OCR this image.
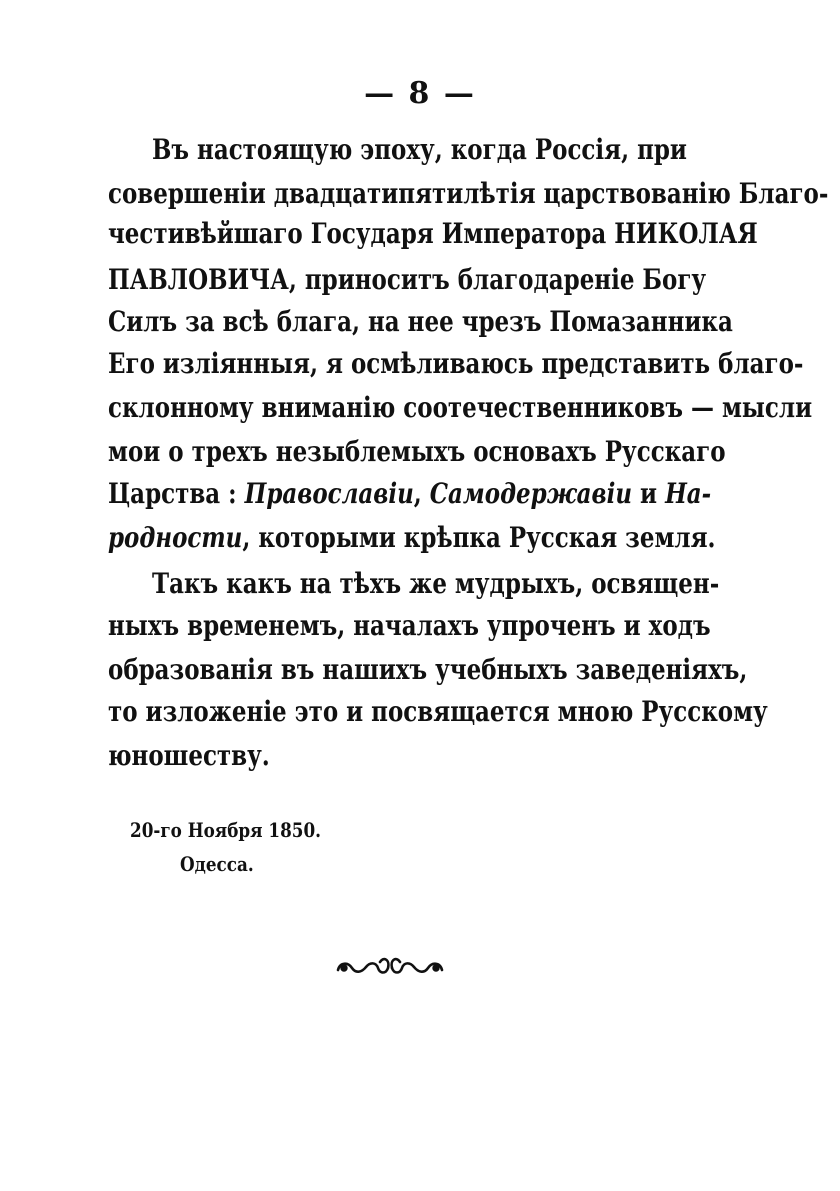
— 8 —
Въ настоящую эпоху, когда Россія, при
совершеніи двадцатипятилѣтія царствованію Благо-
честивѣйшаго Государя Императора НИКОЛАЯ
ПАВЛОВИЧА, приноситъ благодареніе Богу
Силъ за всѣ блага, на нее чрезъ Помазанника
Его изліянныя, я осмѣливаюсь представить благо-
склонному вниманію соотечественниковъ — мысли
мои о трехъ незыблемыхъ основахъ Русскаго
Царства : Православіи, Самодержавіи и На-
родности, которыми крѣпка Русская земля.
Такъ какъ на тѣхъ же мудрыхъ, освящен-
ныхъ временемъ, началахъ упроченъ и ходъ
образованія въ нашихъ учебныхъ заведеніяхъ,
то изложеніе это и посвящается мною Русскому
юношеству.
20-го Ноября 1850.
Одесса.
